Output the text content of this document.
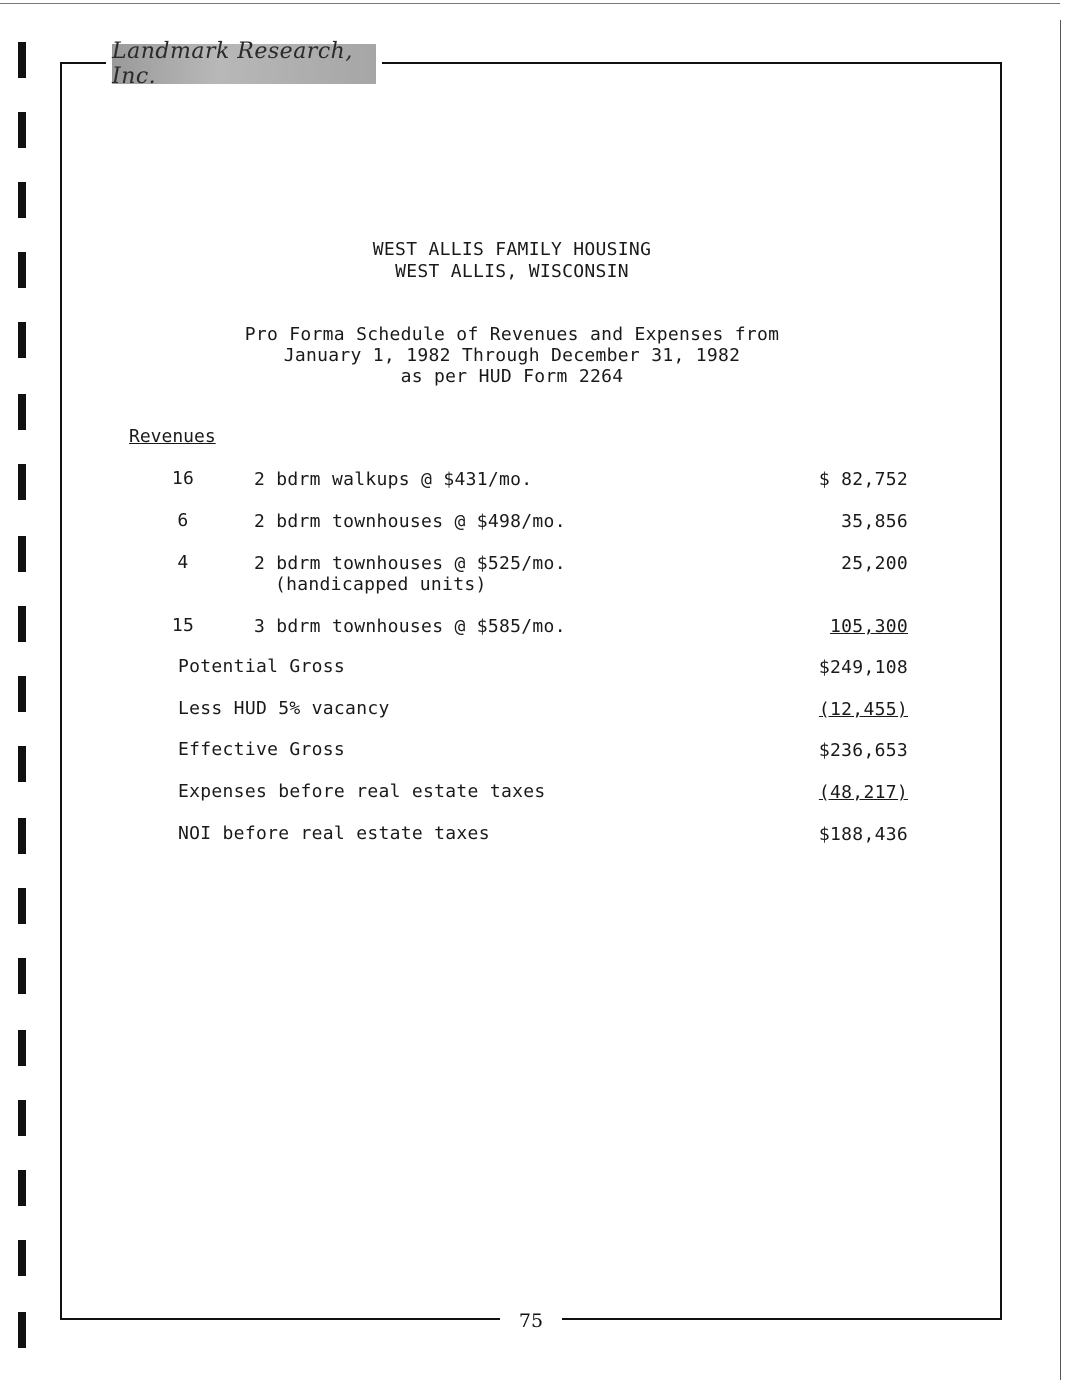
Landmark Research, Inc.
WEST ALLIS FAMILY HOUSING
WEST ALLIS, WISCONSIN
Pro Forma Schedule of Revenues and Expenses from
January 1, 1982 Through December 31, 1982
as per HUD Form 2264
Revenues
16	2 bdrm walkups @ $431/mo.	$ 82,752
6	2 bdrm townhouses @ $498/mo.	35,856
4	2 bdrm townhouses @ $525/mo.
(handicapped units)
25,200
15	3 bdrm townhouses @ $585/mo.	105,300
Potential Gross	$249,108
Less HUD 5% vacancy	(12,455)
Effective Gross	$236,653
Expenses before real estate taxes	(48,217)
NOI before real estate taxes	$188,436
75
